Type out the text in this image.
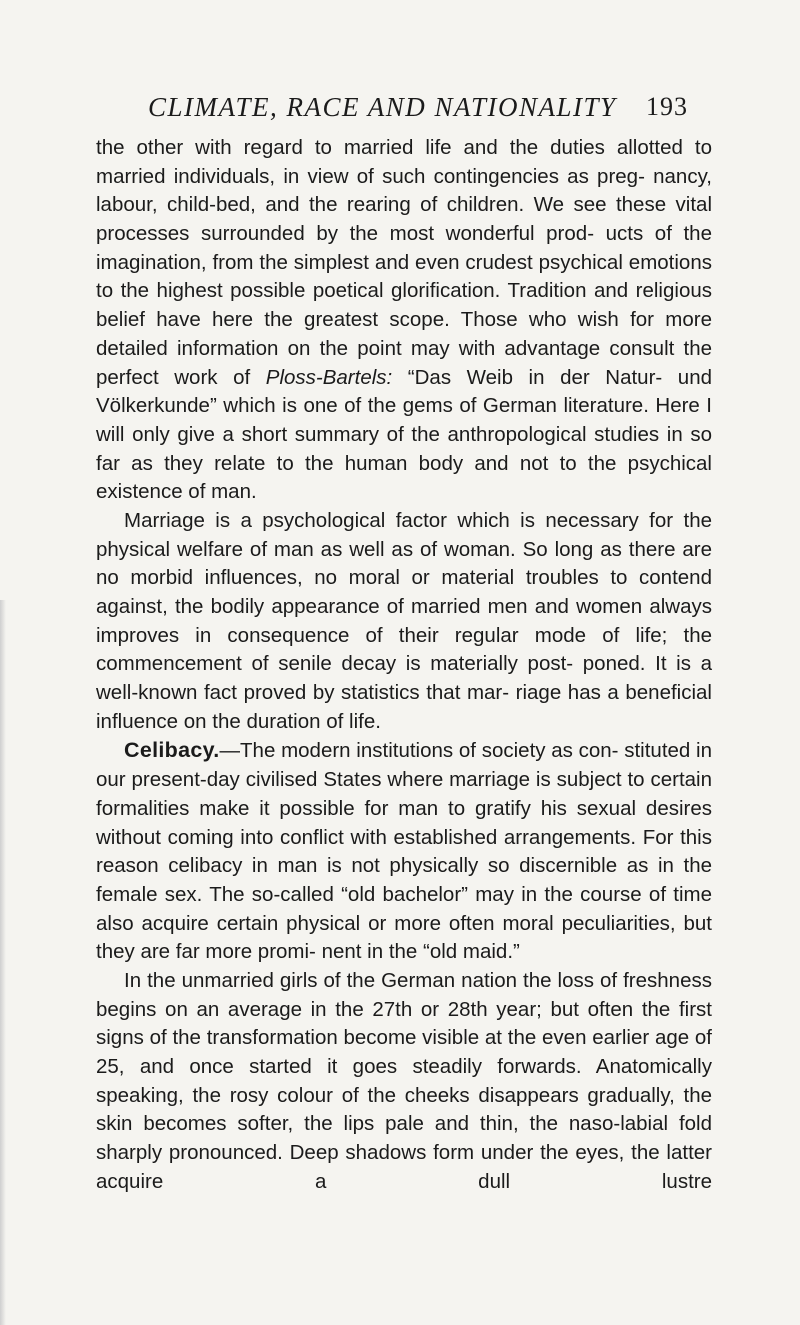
CLIMATE, RACE AND NATIONALITY 193

the other with regard to married life and the duties allotted to married individuals, in view of such contingencies as preg- nancy, labour, child-bed, and the rearing of children. We see these vital processes surrounded by the most wonderful prod- ucts of the imagination, from the simplest and even crudest psychical emotions to the highest possible poetical glorification. Tradition and religious belief have here the greatest scope. Those who wish for more detailed information on the point may with advantage consult the perfect work of Ploss-Bartels: “Das Weib in der Natur- und Völkerkunde” which is one of the gems of German literature. Here I will only give a short summary of the anthropological studies in so far as they relate to the human body and not to the psychical existence of man.

Marriage is a psychological factor which is necessary for the physical welfare of man as well as of woman. So long as there are no morbid influences, no moral or material troubles to contend against, the bodily appearance of married men and women always improves in consequence of their regular mode of life; the commencement of senile decay is materially post- poned. It is a well-known fact proved by statistics that mar- riage has a beneficial influence on the duration of life.

Celibacy.—The modern institutions of society as con- stituted in our present-day civilised States where marriage is subject to certain formalities make it possible for man to gratify his sexual desires without coming into conflict with established arrangements. For this reason celibacy in man is not physically so discernible as in the female sex. The so-called “old bachelor” may in the course of time also acquire certain physical or more often moral peculiarities, but they are far more promi- nent in the “old maid.”

In the unmarried girls of the German nation the loss of freshness begins on an average in the 27th or 28th year; but often the first signs of the transformation become visible at the even earlier age of 25, and once started it goes steadily forwards. Anatomically speaking, the rosy colour of the cheeks disappears gradually, the skin becomes softer, the lips pale and thin, the naso-labial fold sharply pronounced. Deep shadows form under the eyes, the latter acquire a dull lustre
